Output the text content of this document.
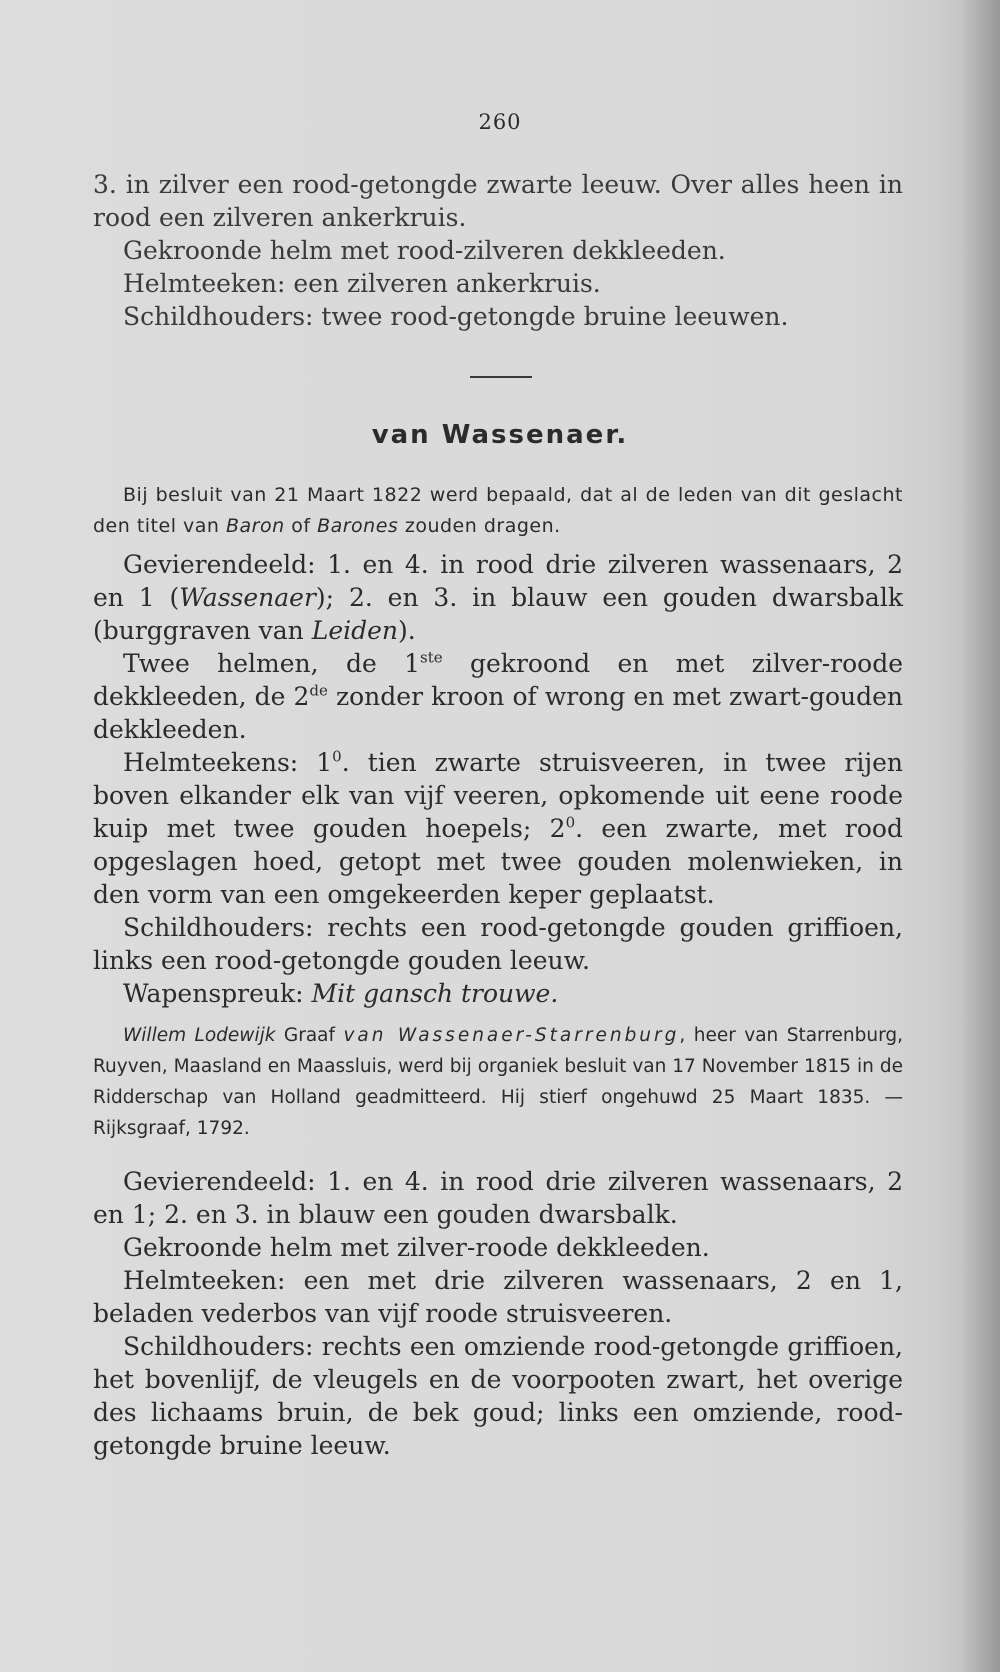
260

3. in zilver een rood-getongde zwarte leeuw. Over alles heen in rood een zilveren ankerkruis.

Gekroonde helm met rood-zilveren dekkleeden.

Helmteeken: een zilveren ankerkruis.

Schildhouders: twee rood-getongde bruine leeuwen.

van Wassenaer.

Bij besluit van 21 Maart 1822 werd bepaald, dat al de leden van dit geslacht den titel van Baron of Barones zouden dragen.

Gevierendeeld: 1. en 4. in rood drie zilveren wassenaars, 2 en 1 (Wassenaer); 2. en 3. in blauw een gouden dwarsbalk (burggraven van Leiden).

Twee helmen, de 1ste gekroond en met zilver-roode dekkleeden, de 2de zonder kroon of wrong en met zwart-gouden dekkleeden.

Helmteekens: $1^0$. tien zwarte struisveeren, in twee rijen boven elkander elk van vijf veeren, opkomende uit eene roode kuip met twee gouden hoepels; $2^0$. een zwarte, met rood opgeslagen hoed, getopt met twee gouden molenwieken, in den vorm van een omgekeerden keper geplaatst.

Schildhouders: rechts een rood-getongde gouden griffioen, links een rood-getongde gouden leeuw.

Wapenspreuk: Mit gansch trouwe.

Willem Lodewijk Graaf van Wassenaer-Starrenburg, heer van Starrenburg, Ruyven, Maasland en Maassluis, werd bij organiek besluit van 17 November 1815 in de Ridderschap van Holland geadmitteerd. Hij stierf ongehuwd 25 Maart 1835. — Rijksgraaf, 1792.

Gevierendeeld: 1. en 4. in rood drie zilveren wassenaars, 2 en 1; 2. en 3. in blauw een gouden dwarsbalk.

Gekroonde helm met zilver-roode dekkleeden.

Helmteeken: een met drie zilveren wassenaars, 2 en 1, beladen vederbos van vijf roode struisveeren.

Schildhouders: rechts een omziende rood-getongde griffioen, het bovenlijf, de vleugels en de voorpooten zwart, het overige des lichaams bruin, de bek goud; links een omziende, rood-getongde bruine leeuw.
